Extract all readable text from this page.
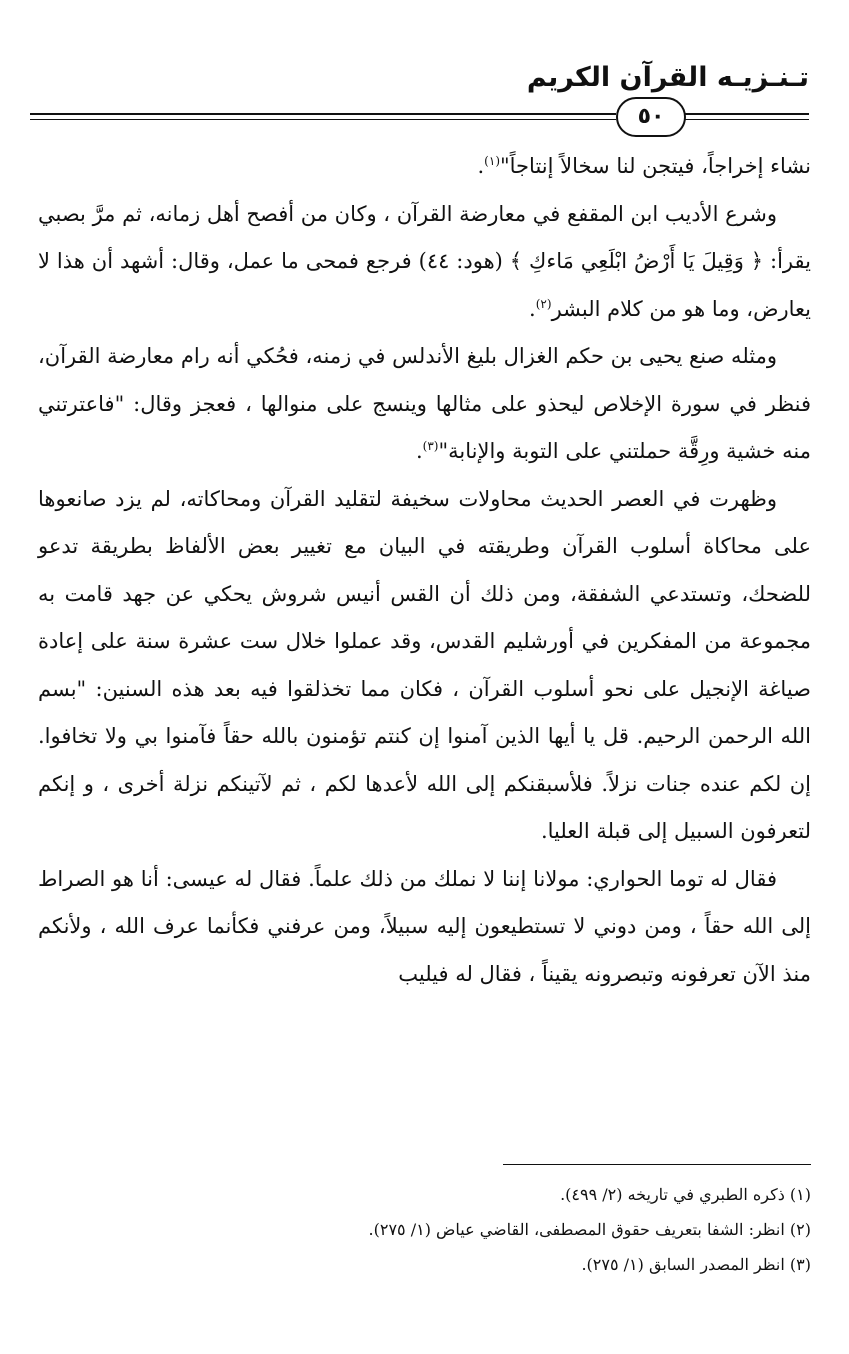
تـنـزيـه القرآن الكريم
٥٠

نشاء إخراجاً، فيتجن لنا سخالاً إنتاجاً"$^{(١)}$.

وشرع الأديب ابن المقفع في معارضة القرآن ، وكان من أفصح أهل زمانه، ثم مرَّ بصبي يقرأ: ﴿ وَقِيلَ يَا أَرْضُ ابْلَعِي مَاءكِ ﴾ (هود: ٤٤) فرجع فمحى ما عمل، وقال: أشهد أن هذا لا يعارض، وما هو من كلام البشر$^{(٢)}$.

ومثله صنع يحيى بن حكم الغزال بليغ الأندلس في زمنه، فحُكي أنه رام معارضة القرآن، فنظر في سورة الإخلاص ليحذو على مثالها وينسج على منوالها ، فعجز وقال: "فاعترتني منه خشية ورِقَّة حملتني على التوبة والإنابة"$^{(٣)}$.

وظهرت في العصر الحديث محاولات سخيفة لتقليد القرآن ومحاكاته، لم يزد صانعوها على محاكاة أسلوب القرآن وطريقته في البيان مع تغيير بعض الألفاظ بطريقة تدعو للضحك، وتستدعي الشفقة، ومن ذلك أن القس أنيس شروش يحكي عن جهد قامت به مجموعة من المفكرين في أورشليم القدس، وقد عملوا خلال ست عشرة سنة على إعادة صياغة الإنجيل على نحو أسلوب القرآن ، فكان مما تخذلقوا فيه بعد هذه السنين: "بسم الله الرحمن الرحيم. قل يا أيها الذين آمنوا إن كنتم تؤمنون بالله حقاً فآمنوا بي ولا تخافوا. إن لكم عنده جنات نزلاً. فلأسبقنكم إلى الله لأعدها لكم ، ثم لآتينكم نزلة أخرى ، و إنكم لتعرفون السبيل إلى قبلة العليا.

فقال له توما الحواري: مولانا إننا لا نملك من ذلك علماً. فقال له عيسى: أنا هو الصراط إلى الله حقاً ، ومن دوني لا تستطيعون إليه سبيلاً، ومن عرفني فكأنما عرف الله ، ولأنكم منذ الآن تعرفونه وتبصرونه يقيناً ، فقال له فيليب

(١) ذكره الطبري في تاريخه (٢/ ٤٩٩).
(٢) انظر: الشفا بتعريف حقوق المصطفى، القاضي عياض (١/ ٢٧٥).
(٣) انظر المصدر السابق (١/ ٢٧٥).
